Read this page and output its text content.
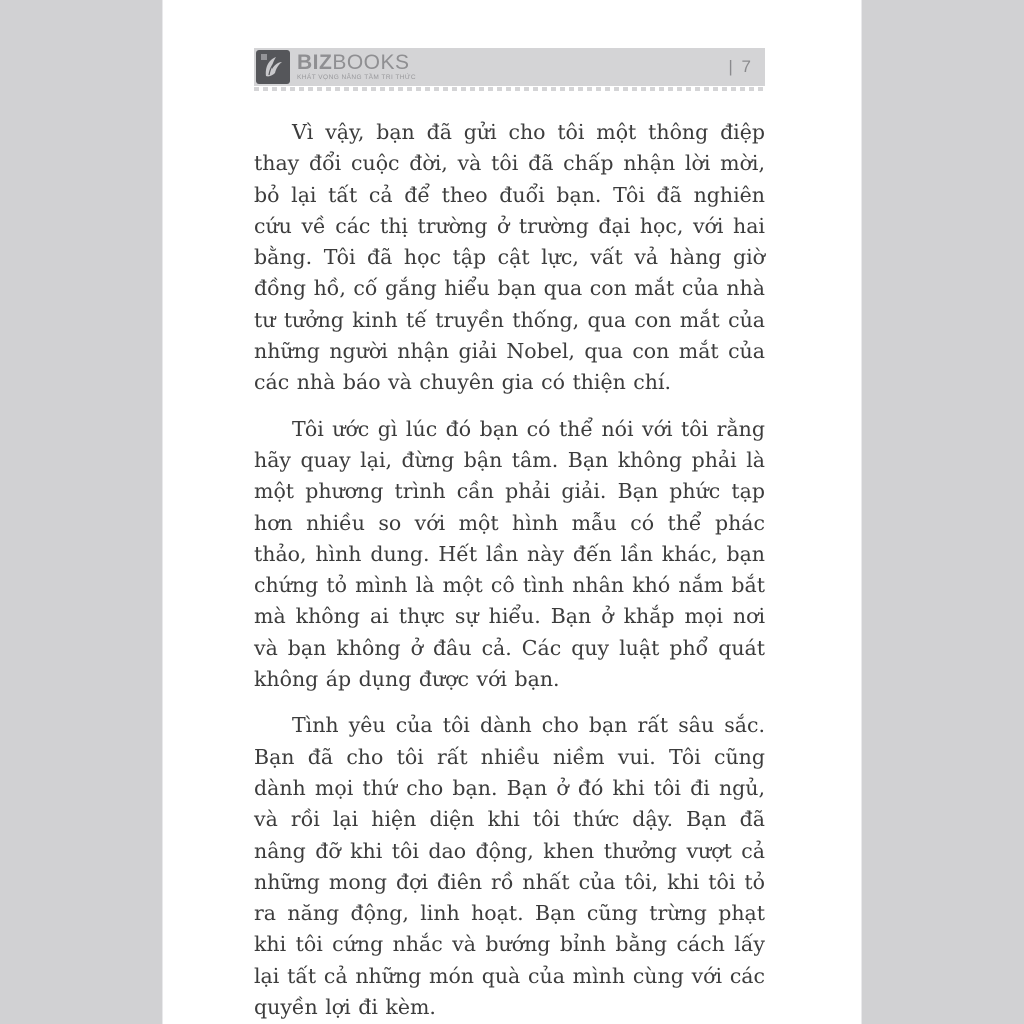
BIZBOOKS
KHÁT VỌNG NÂNG TẦM TRI THỨC
| 7

Vì vậy, bạn đã gửi cho tôi một thông điệp thay đổi cuộc đời, và tôi đã chấp nhận lời mời, bỏ lại tất cả để theo đuổi bạn. Tôi đã nghiên cứu về các thị trường ở trường đại học, với hai bằng. Tôi đã học tập cật lực, vất vả hàng giờ đồng hồ, cố gắng hiểu bạn qua con mắt của nhà tư tưởng kinh tế truyền thống, qua con mắt của những người nhận giải Nobel, qua con mắt của các nhà báo và chuyên gia có thiện chí.

Tôi ước gì lúc đó bạn có thể nói với tôi rằng hãy quay lại, đừng bận tâm. Bạn không phải là một phương trình cần phải giải. Bạn phức tạp hơn nhiều so với một hình mẫu có thể phác thảo, hình dung. Hết lần này đến lần khác, bạn chứng tỏ mình là một cô tình nhân khó nắm bắt mà không ai thực sự hiểu. Bạn ở khắp mọi nơi và bạn không ở đâu cả. Các quy luật phổ quát không áp dụng được với bạn.

Tình yêu của tôi dành cho bạn rất sâu sắc. Bạn đã cho tôi rất nhiều niềm vui. Tôi cũng dành mọi thứ cho bạn. Bạn ở đó khi tôi đi ngủ, và rồi lại hiện diện khi tôi thức dậy. Bạn đã nâng đỡ khi tôi dao động, khen thưởng vượt cả những mong đợi điên rồ nhất của tôi, khi tôi tỏ ra năng động, linh hoạt. Bạn cũng trừng phạt khi tôi cứng nhắc và bướng bỉnh bằng cách lấy lại tất cả những món quà của mình cùng với các quyền lợi đi kèm.
